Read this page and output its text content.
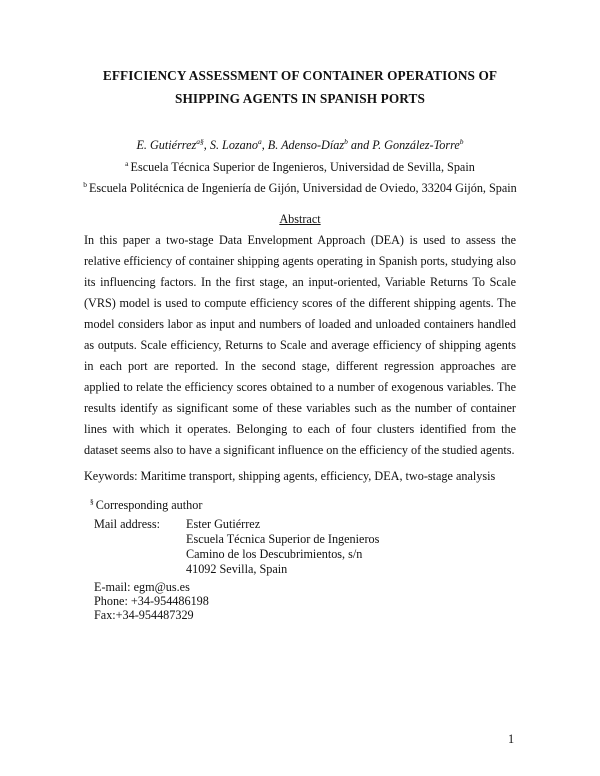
EFFICIENCY ASSESSMENT OF CONTAINER OPERATIONS OF
SHIPPING AGENTS IN SPANISH PORTS
E. Gutiérrez$^{a\S}$, S. Lozano$^a$, B. Adenso-Díaz$^b$ and P. González-Torre$^b$
$^a$ Escuela Técnica Superior de Ingenieros, Universidad de Sevilla, Spain
$^b$ Escuela Politécnica de Ingeniería de Gijón, Universidad de Oviedo, 33204 Gijón, Spain
Abstract
In this paper a two-stage Data Envelopment Approach (DEA) is used to assess the relative efficiency of container shipping agents operating in Spanish ports, studying also its influencing factors. In the first stage, an input-oriented, Variable Returns To Scale (VRS) model is used to compute efficiency scores of the different shipping agents. The model considers labor as input and numbers of loaded and unloaded containers handled as outputs. Scale efficiency, Returns to Scale and average efficiency of shipping agents in each port are reported. In the second stage, different regression approaches are applied to relate the efficiency scores obtained to a number of exogenous variables. The results identify as significant some of these variables such as the number of container lines with which it operates. Belonging to each of four clusters identified from the dataset seems also to have a significant influence on the efficiency of the studied agents.
Keywords: Maritime transport, shipping agents, efficiency, DEA, two-stage analysis
§ Corresponding author
Mail address: Ester Gutiérrez
Escuela Técnica Superior de Ingenieros
Camino de los Descubrimientos, s/n
41092 Sevilla, Spain
E-mail: egm@us.es
Phone: +34-954486198
Fax:+34-954487329
1
